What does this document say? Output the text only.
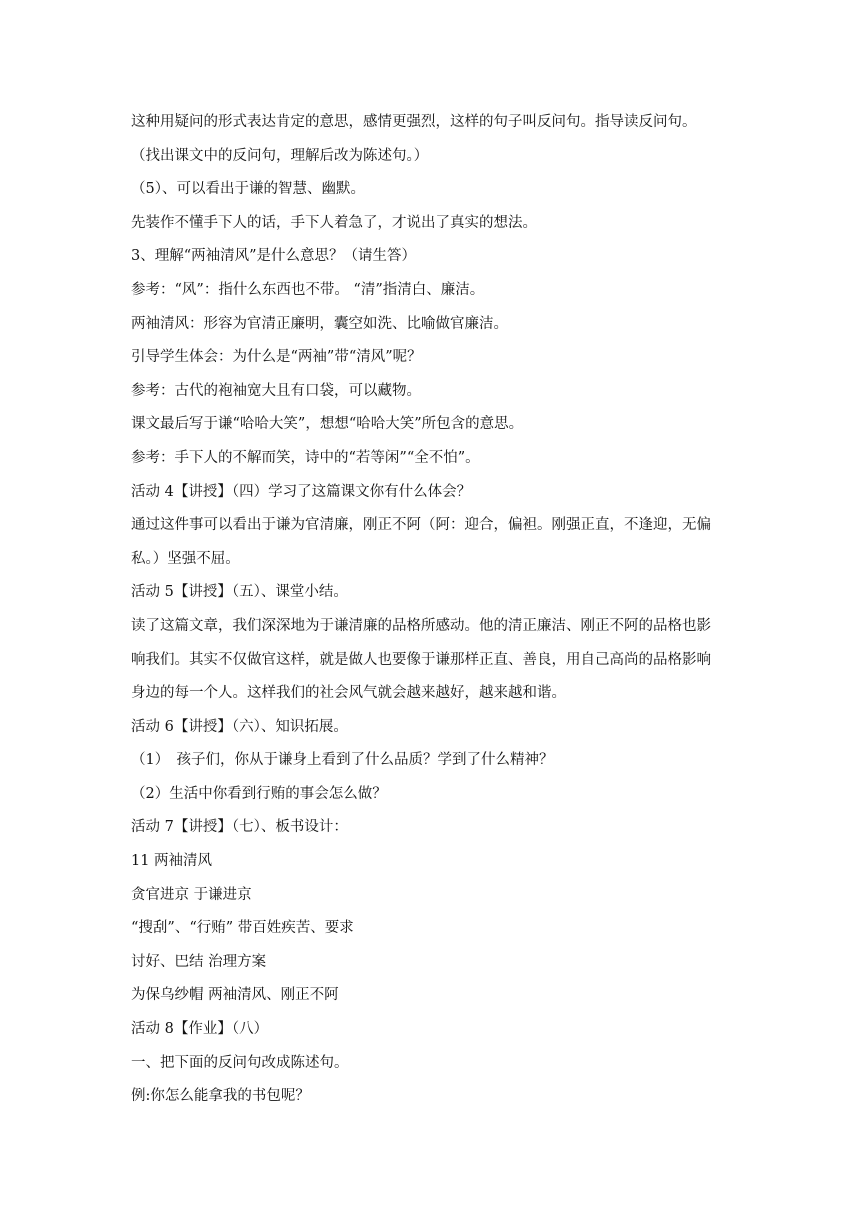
这种用疑问的形式表达肯定的意思，感情更强烈，这样的句子叫反问句。指导读反问句。
（找出课文中的反问句，理解后改为陈述句。）
（5）、可以看出于谦的智慧、幽默。
先装作不懂手下人的话，手下人着急了，才说出了真实的想法。
3、理解“两袖清风”是什么意思？（请生答）
参考：“风”：指什么东西也不带。 “清”指清白、廉洁。
两袖清风：形容为官清正廉明，囊空如洗、比喻做官廉洁。
引导学生体会：为什么是“两袖”带“清风”呢？
参考：古代的袍袖宽大且有口袋，可以藏物。
课文最后写于谦“哈哈大笑”，想想“哈哈大笑”所包含的意思。
参考：手下人的不解而笑，诗中的“若等闲”“全不怕”。
活动 4【讲授】（四）学习了这篇课文你有什么体会？
通过这件事可以看出于谦为官清廉，刚正不阿（阿：迎合，偏袒。刚强正直，不逢迎，无偏
私。）坚强不屈。
活动 5【讲授】（五）、课堂小结。
读了这篇文章，我们深深地为于谦清廉的品格所感动。他的清正廉洁、刚正不阿的品格也影
响我们。其实不仅做官这样，就是做人也要像于谦那样正直、善良，用自己高尚的品格影响
身边的每一个人。这样我们的社会风气就会越来越好，越来越和谐。
活动 6【讲授】（六）、知识拓展。
（1）　孩子们，你从于谦身上看到了什么品质？学到了什么精神？
（2）生活中你看到行贿的事会怎么做？
活动 7【讲授】（七）、板书设计：
11 两袖清风
贪官进京 于谦进京
“搜刮”、“行贿” 带百姓疾苦、要求
讨好、巴结 治理方案
为保乌纱帽 两袖清风、刚正不阿
活动 8【作业】（八）
一、把下面的反问句改成陈述句。
例:你怎么能拿我的书包呢？
